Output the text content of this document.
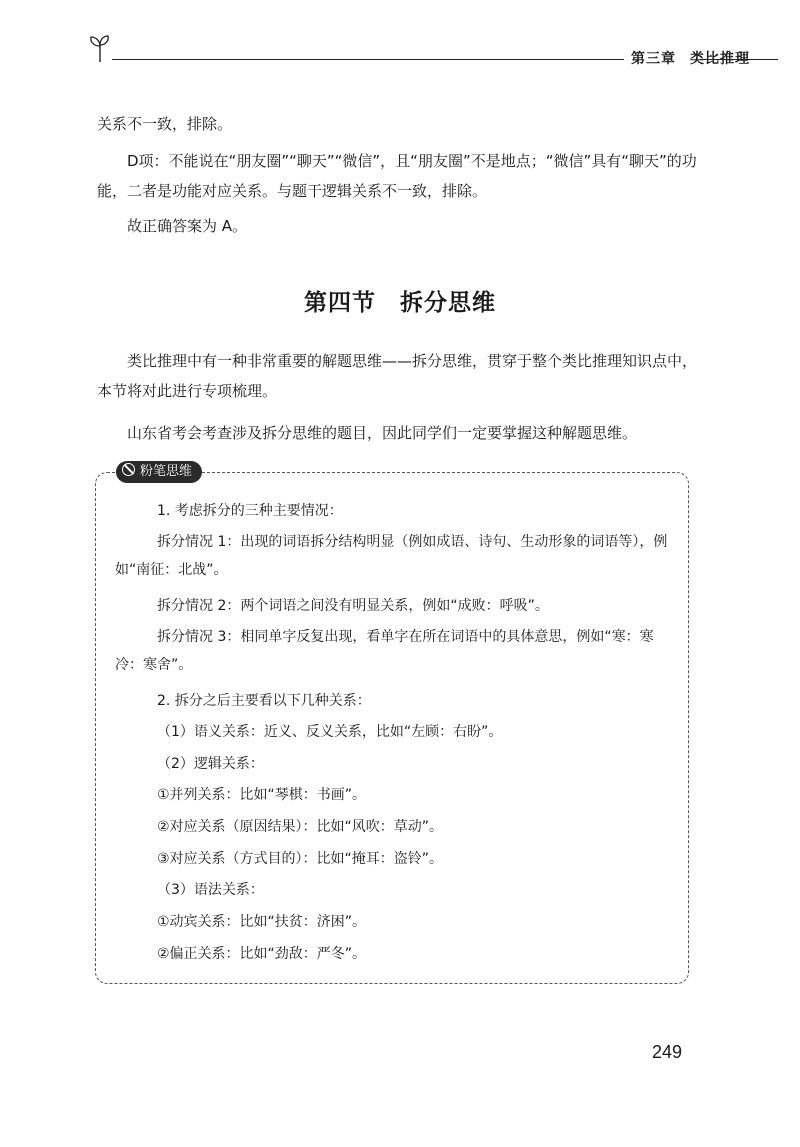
第三章 类比推理

关系不一致，排除。

D项：不能说在“朋友圈”“聊天”“微信”，且“朋友圈”不是地点；“微信”具有“聊天”的功能，二者是功能对应关系。与题干逻辑关系不一致，排除。

故正确答案为 A。

第四节　拆分思维

类比推理中有一种非常重要的解题思维——拆分思维，贯穿于整个类比推理知识点中，本节将对此进行专项梳理。

山东省考会考查涉及拆分思维的题目，因此同学们一定要掌握这种解题思维。

粉笔思维

1. 考虑拆分的三种主要情况：

拆分情况 1：出现的词语拆分结构明显（例如成语、诗句、生动形象的词语等），例如“南征：北战”。

拆分情况 2：两个词语之间没有明显关系，例如“成败：呼吸”。

拆分情况 3：相同单字反复出现，看单字在所在词语中的具体意思，例如“寒：寒冷：寒舍”。

2. 拆分之后主要看以下几种关系：

（1）语义关系：近义、反义关系，比如“左顾：右盼”。

（2）逻辑关系：

①并列关系：比如“琴棋：书画”。

②对应关系（原因结果）：比如“风吹：草动”。

③对应关系（方式目的）：比如“掩耳：盗铃”。

（3）语法关系：

①动宾关系：比如“扶贫：济困”。

②偏正关系：比如“劲敌：严冬”。

249
